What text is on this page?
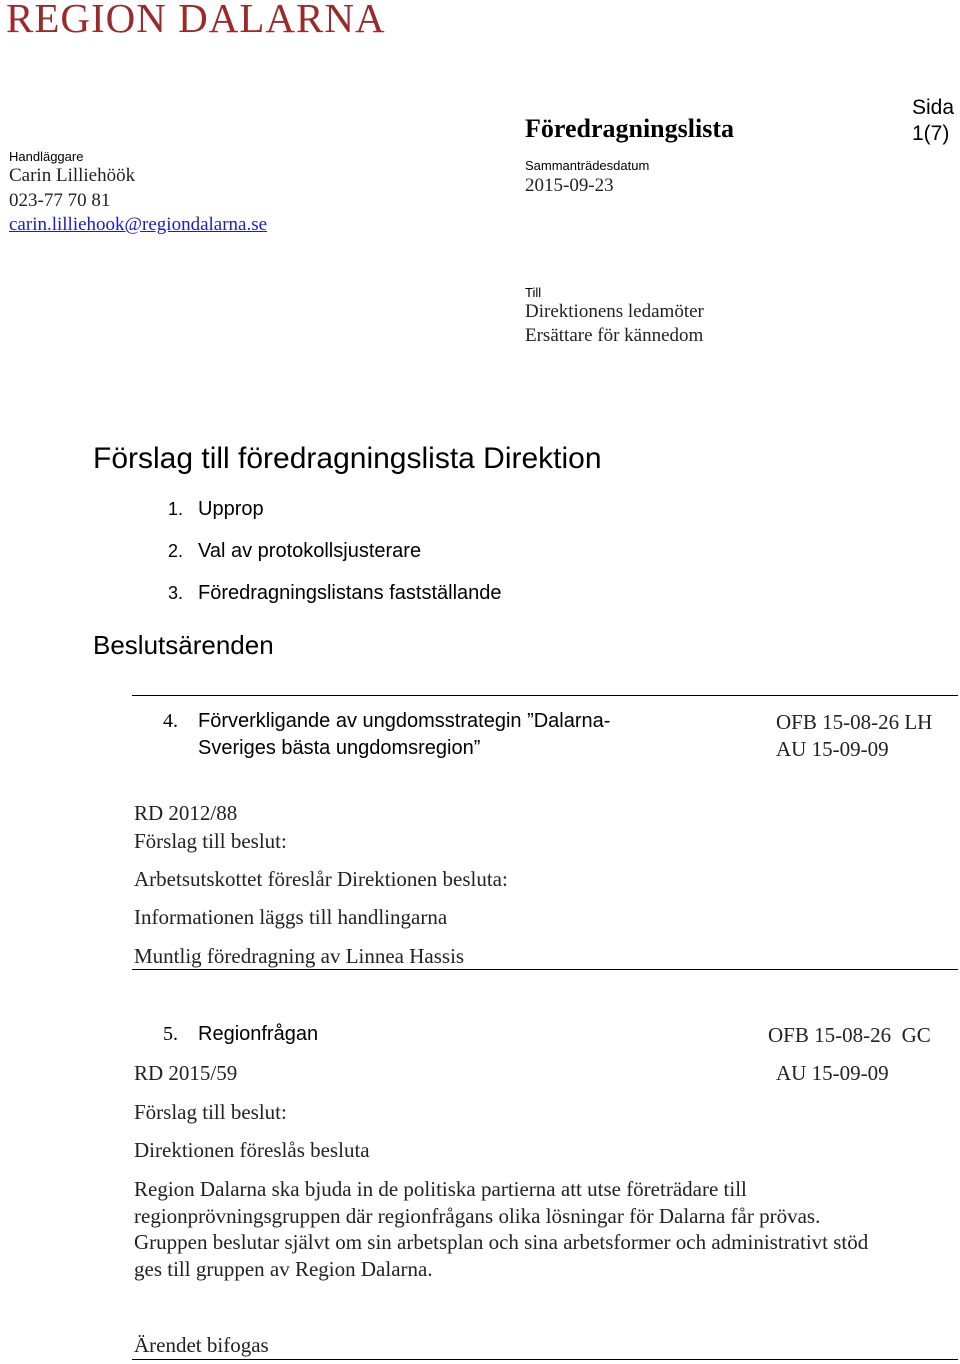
REGION DALARNA
Handläggare
Carin Lilliehöök
023-77 70 81
carin.lilliehook@regiondalarna.se
Föredragningslista
Sammanträdesdatum
2015-09-23
Sida
1(7)
Till
Direktionens ledamöter
Ersättare för kännedom
Förslag till föredragningslista Direktion
1. Upprop
2. Val av protokollsjusterare
3. Föredragningslistans fastställande
Beslutsärenden
4. Förverkligande av ungdomsstrategin ”Dalarna-
Sveriges bästa ungdomsregion”
OFB 15-08-26 LH
AU 15-09-09
RD 2012/88
Förslag till beslut:
Arbetsutskottet föreslår Direktionen besluta:
Informationen läggs till handlingarna
Muntlig föredragning av Linnea Hassis
5. Regionfrågan	OFB 15-08-26  GC
RD 2015/59	AU 15-09-09
Förslag till beslut:
Direktionen föreslås besluta
Region Dalarna ska bjuda in de politiska partierna att utse företrädare till
regionprövningsgruppen där regionfrågans olika lösningar för Dalarna får prövas.
Gruppen beslutar självt om sin arbetsplan och sina arbetsformer och administrativt stöd
ges till gruppen av Region Dalarna.
Ärendet bifogas
